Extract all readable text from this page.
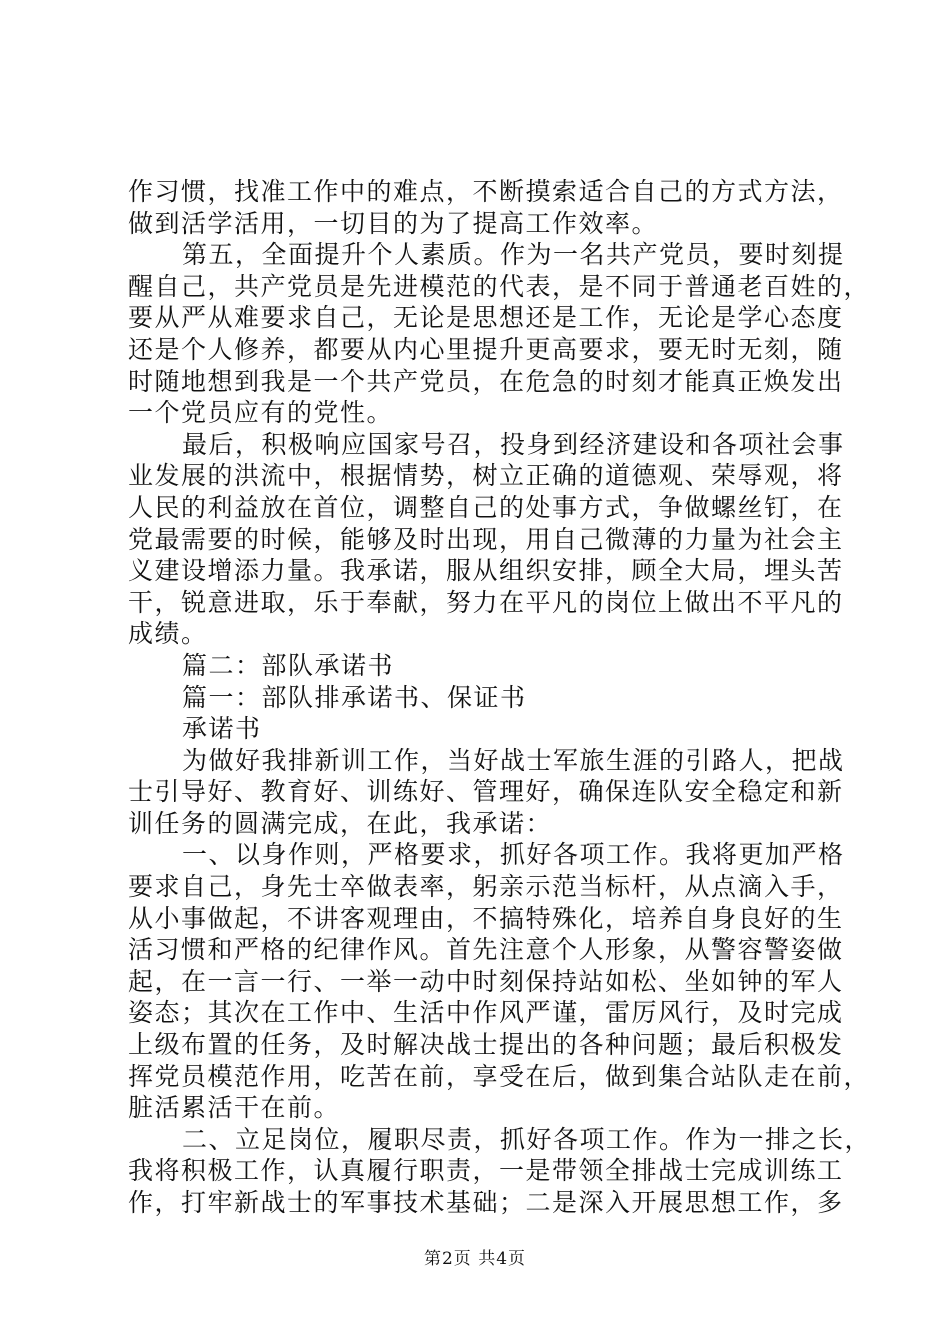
作习惯，找准工作中的难点，不断摸索适合自己的方式方法，
做到活学活用，一切目的为了提高工作效率。
第五，全面提升个人素质。作为一名共产党员，要时刻提
醒自己，共产党员是先进模范的代表，是不同于普通老百姓的，
要从严从难要求自己，无论是思想还是工作，无论是学心态度
还是个人修养，都要从内心里提升更高要求，要无时无刻，随
时随地想到我是一个共产党员，在危急的时刻才能真正焕发出
一个党员应有的党性。
最后，积极响应国家号召，投身到经济建设和各项社会事
业发展的洪流中，根据情势，树立正确的道德观、荣辱观，将
人民的利益放在首位，调整自己的处事方式，争做螺丝钉，在
党最需要的时候，能够及时出现，用自己微薄的力量为社会主
义建设增添力量。我承诺，服从组织安排，顾全大局，埋头苦
干，锐意进取，乐于奉献，努力在平凡的岗位上做出不平凡的
成绩。
篇二：部队承诺书
篇一：部队排承诺书、保证书
承诺书
为做好我排新训工作，当好战士军旅生涯的引路人，把战
士引导好、教育好、训练好、管理好，确保连队安全稳定和新
训任务的圆满完成，在此，我承诺：
一、以身作则，严格要求，抓好各项工作。我将更加严格
要求自己，身先士卒做表率，躬亲示范当标杆，从点滴入手，
从小事做起，不讲客观理由，不搞特殊化，培养自身良好的生
活习惯和严格的纪律作风。首先注意个人形象，从警容警姿做
起，在一言一行、一举一动中时刻保持站如松、坐如钟的军人
姿态；其次在工作中、生活中作风严谨，雷厉风行，及时完成
上级布置的任务，及时解决战士提出的各种问题；最后积极发
挥党员模范作用，吃苦在前，享受在后，做到集合站队走在前，
脏活累活干在前。
二、立足岗位，履职尽责，抓好各项工作。作为一排之长，
我将积极工作，认真履行职责，一是带领全排战士完成训练工
作，打牢新战士的军事技术基础；二是深入开展思想工作，多
第2页 共4页
